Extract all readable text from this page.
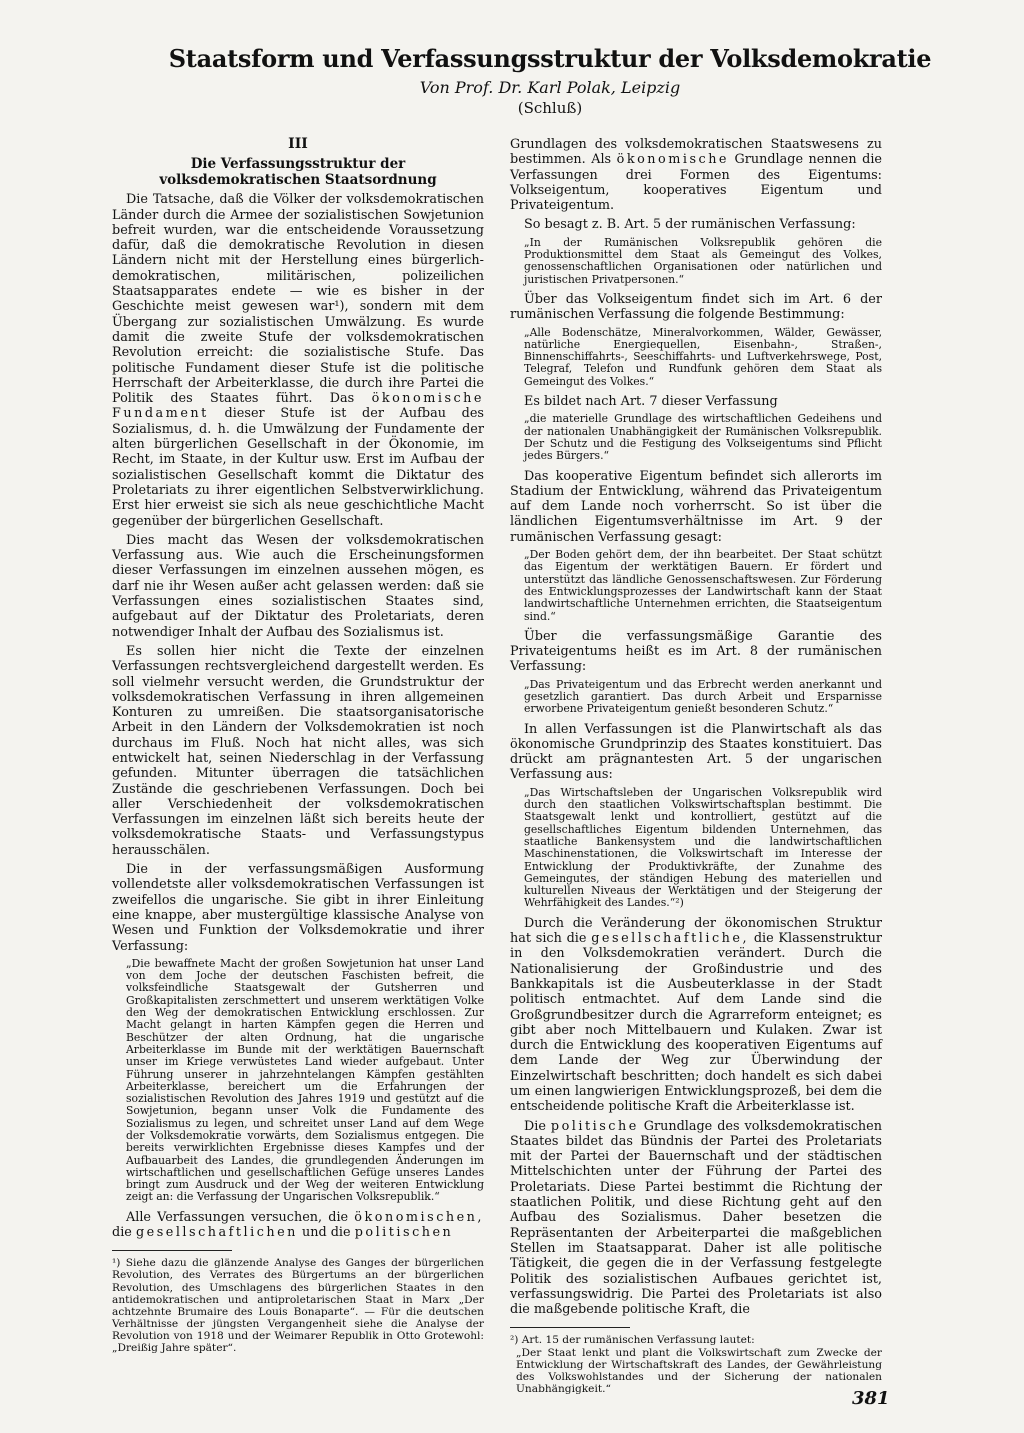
Staatsform und Verfassungsstruktur der Volksdemokratie
Von Prof. Dr. Karl Polak, Leipzig
(Schluß)
III
Die Verfassungsstruktur der volksdemokratischen Staatsordnung

Die Tatsache, daß die Völker der volksdemokratischen Länder durch die Armee der sozialistischen Sowjetunion befreit wurden, war die entscheidende Voraussetzung dafür, daß die demokratische Revolution in diesen Ländern nicht mit der Herstellung eines bürgerlich-demokratischen, militärischen, polizeilichen Staatsapparates endete — wie es bisher in der Geschichte meist gewesen war¹), sondern mit dem Übergang zur sozialistischen Umwälzung. Es wurde damit die zweite Stufe der volksdemokratischen Revolution erreicht: die sozialistische Stufe. Das politische Fundament dieser Stufe ist die politische Herrschaft der Arbeiterklasse, die durch ihre Partei die Politik des Staates führt. Das ökonomische Fundament dieser Stufe ist der Aufbau des Sozialismus, d. h. die Umwälzung der Fundamente der alten bürgerlichen Gesellschaft in der Ökonomie, im Recht, im Staate, in der Kultur usw. Erst im Aufbau der sozialistischen Gesellschaft kommt die Diktatur des Proletariats zu ihrer eigentlichen Selbstverwirklichung. Erst hier erweist sie sich als neue geschichtliche Macht gegenüber der bürgerlichen Gesellschaft.

Dies macht das Wesen der volksdemokratischen Verfassung aus. Wie auch die Erscheinungsformen dieser Verfassungen im einzelnen aussehen mögen, es darf nie ihr Wesen außer acht gelassen werden: daß sie Verfassungen eines sozialistischen Staates sind, aufgebaut auf der Diktatur des Proletariats, deren notwendiger Inhalt der Aufbau des Sozialismus ist.

Es sollen hier nicht die Texte der einzelnen Verfassungen rechtsvergleichend dargestellt werden. Es soll vielmehr versucht werden, die Grundstruktur der volksdemokratischen Verfassung in ihren allgemeinen Konturen zu umreißen. Die staatsorganisatorische Arbeit in den Ländern der Volksdemokratien ist noch durchaus im Fluß. Noch hat nicht alles, was sich entwickelt hat, seinen Niederschlag in der Verfassung gefunden. Mitunter überragen die tatsächlichen Zustände die geschriebenen Verfassungen. Doch bei aller Verschiedenheit der volksdemokratischen Verfassungen im einzelnen läßt sich bereits heute der volksdemokratische Staats- und Verfassungstypus herausschälen.

Die in der verfassungsmäßigen Ausformung vollendetste aller volksdemokratischen Verfassungen ist zweifellos die ungarische. Sie gibt in ihrer Einleitung eine knappe, aber mustergültige klassische Analyse von Wesen und Funktion der Volksdemokratie und ihrer Verfassung:

„Die bewaffnete Macht der großen Sowjetunion hat unser Land von dem Joche der deutschen Faschisten befreit, die volksfeindliche Staatsgewalt der Gutsherren und Großkapitalisten zerschmettert und unserem werktätigen Volke den Weg der demokratischen Entwicklung erschlossen. Zur Macht gelangt in harten Kämpfen gegen die Herren und Beschützer der alten Ordnung, hat die ungarische Arbeiterklasse im Bunde mit der werktätigen Bauernschaft unser im Kriege verwüstetes Land wieder aufgebaut. Unter Führung unserer in jahrzehntelangen Kämpfen gestählten Arbeiterklasse, bereichert um die Erfahrungen der sozialistischen Revolution des Jahres 1919 und gestützt auf die Sowjetunion, begann unser Volk die Fundamente des Sozialismus zu legen, und schreitet unser Land auf dem Wege der Volksdemokratie vorwärts, dem Sozialismus entgegen. Die bereits verwirklichten Ergebnisse dieses Kampfes und der Aufbauarbeit des Landes, die grundlegenden Änderungen im wirtschaftlichen und gesellschaftlichen Gefüge unseres Landes bringt zum Ausdruck und der Weg der weiteren Entwicklung zeigt an: die Verfassung der Ungarischen Volksrepublik.“

Alle Verfassungen versuchen, die ökonomischen, die gesellschaftlichen und die politischen

¹) Siehe dazu die glänzende Analyse des Ganges der bürgerlichen Revolution, des Verrates des Bürgertums an der bürgerlichen Revolution, des Umschlagens des bürgerlichen Staates in den antidemokratischen und antiproletarischen Staat in Marx „Der achtzehnte Brumaire des Louis Bonaparte“. — Für die deutschen Verhältnisse der jüngsten Vergangenheit siehe die Analyse der Revolution von 1918 und der Weimarer Republik in Otto Grotewohl: „Dreißig Jahre später“.

Grundlagen des volksdemokratischen Staatswesens zu bestimmen. Als ökonomische Grundlage nennen die Verfassungen drei Formen des Eigentums: Volkseigentum, kooperatives Eigentum und Privateigentum.

So besagt z. B. Art. 5 der rumänischen Verfassung:

„In der Rumänischen Volksrepublik gehören die Produktionsmittel dem Staat als Gemeingut des Volkes, genossenschaftlichen Organisationen oder natürlichen und juristischen Privatpersonen.“

Über das Volkseigentum findet sich im Art. 6 der rumänischen Verfassung die folgende Bestimmung:

„Alle Bodenschätze, Mineralvorkommen, Wälder, Gewässer, natürliche Energiequellen, Eisenbahn-, Straßen-, Binnenschiffahrts-, Seeschiffahrts- und Luftverkehrswege, Post, Telegraf, Telefon und Rundfunk gehören dem Staat als Gemeingut des Volkes.“

Es bildet nach Art. 7 dieser Verfassung

„die materielle Grundlage des wirtschaftlichen Gedeihens und der nationalen Unabhängigkeit der Rumänischen Volksrepublik. Der Schutz und die Festigung des Volkseigentums sind Pflicht jedes Bürgers.“

Das kooperative Eigentum befindet sich allerorts im Stadium der Entwicklung, während das Privateigentum auf dem Lande noch vorherrscht. So ist über die ländlichen Eigentumsverhältnisse im Art. 9 der rumänischen Verfassung gesagt:

„Der Boden gehört dem, der ihn bearbeitet. Der Staat schützt das Eigentum der werktätigen Bauern. Er fördert und unterstützt das ländliche Genossenschaftswesen. Zur Förderung des Entwicklungsprozesses der Landwirtschaft kann der Staat landwirtschaftliche Unternehmen errichten, die Staatseigentum sind.“

Über die verfassungsmäßige Garantie des Privateigentums heißt es im Art. 8 der rumänischen Verfassung:

„Das Privateigentum und das Erbrecht werden anerkannt und gesetzlich garantiert. Das durch Arbeit und Ersparnisse erworbene Privateigentum genießt besonderen Schutz.“

In allen Verfassungen ist die Planwirtschaft als das ökonomische Grundprinzip des Staates konstituiert. Das drückt am prägnantesten Art. 5 der ungarischen Verfassung aus:

„Das Wirtschaftsleben der Ungarischen Volksrepublik wird durch den staatlichen Volkswirtschaftsplan bestimmt. Die Staatsgewalt lenkt und kontrolliert, gestützt auf die gesellschaftliches Eigentum bildenden Unternehmen, das staatliche Bankensystem und die landwirtschaftlichen Maschinenstationen, die Volkswirtschaft im Interesse der Entwicklung der Produktivkräfte, der Zunahme des Gemeingutes, der ständigen Hebung des materiellen und kulturellen Niveaus der Werktätigen und der Steigerung der Wehrfähigkeit des Landes.“²)

Durch die Veränderung der ökonomischen Struktur hat sich die gesellschaftliche, die Klassenstruktur in den Volksdemokratien verändert. Durch die Nationalisierung der Großindustrie und des Bankkapitals ist die Ausbeuterklasse in der Stadt politisch entmachtet. Auf dem Lande sind die Großgrundbesitzer durch die Agrarreform enteignet; es gibt aber noch Mittelbauern und Kulaken. Zwar ist durch die Entwicklung des kooperativen Eigentums auf dem Lande der Weg zur Überwindung der Einzelwirtschaft beschritten; doch handelt es sich dabei um einen langwierigen Entwicklungsprozeß, bei dem die entscheidende politische Kraft die Arbeiterklasse ist.

Die politische Grundlage des volksdemokratischen Staates bildet das Bündnis der Partei des Proletariats mit der Partei der Bauernschaft und der städtischen Mittelschichten unter der Führung der Partei des Proletariats. Diese Partei bestimmt die Richtung der staatlichen Politik, und diese Richtung geht auf den Aufbau des Sozialismus. Daher besetzen die Repräsentanten der Arbeiterpartei die maßgeblichen Stellen im Staatsapparat. Daher ist alle politische Tätigkeit, die gegen die in der Verfassung festgelegte Politik des sozialistischen Aufbaues gerichtet ist, verfassungswidrig. Die Partei des Proletariats ist also die maßgebende politische Kraft, die

²) Art. 15 der rumänischen Verfassung lautet:
„Der Staat lenkt und plant die Volkswirtschaft zum Zwecke der Entwicklung der Wirtschaftskraft des Landes, der Gewährleistung des Volkswohlstandes und der Sicherung der nationalen Unabhängigkeit.“	381
